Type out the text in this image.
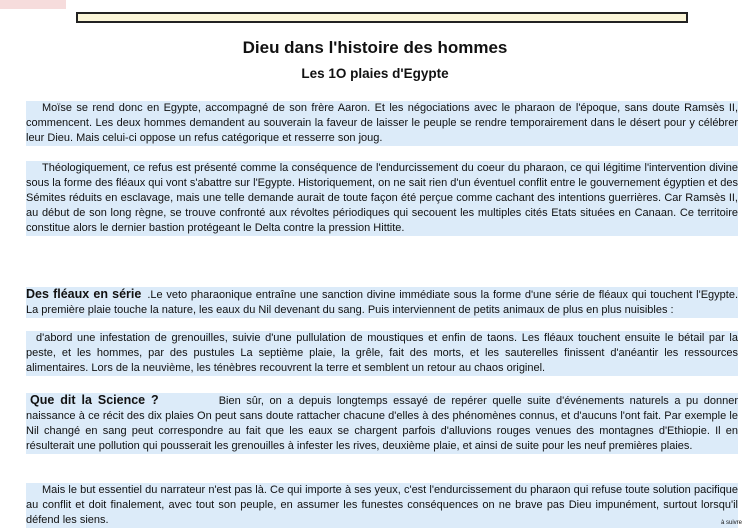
Dieu dans l'histoire des hommes
Les 1O plaies d'Egypte

Moïse se rend donc en Egypte, accompagné de son frère Aaron. Et les négociations avec le pharaon de l'époque, sans doute Ramsès II, commencent. Les deux hommes demandent au souverain la faveur de laisser le peuple se rendre temporairement dans le désert pour y célébrer leur Dieu. Mais celui-ci oppose un refus catégorique et resserre son joug.

Théologiquement, ce refus est présenté comme la conséquence de l'endurcissement du coeur du pharaon, ce qui légitime l'intervention divine sous la forme des fléaux qui vont s'abattre sur l'Egypte. Historiquement, on ne sait rien d'un éventuel conflit entre le gouvernement égyptien et des Sémites réduits en esclavage, mais une telle demande aurait de toute façon été perçue comme cachant des intentions guerrières. Car Ramsès II, au début de son long règne, se trouve confronté aux révoltes périodiques qui secouent les multiples cités Etats situées en Canaan. Ce territoire constitue alors le dernier bastion protégeant le Delta contre la pression Hittite.

Des fléaux en série .Le veto pharaonique entraîne une sanction divine immédiate sous la forme d'une série de fléaux qui touchent l'Egypte. La première plaie touche la nature, les eaux du Nil devenant du sang. Puis interviennent de petits animaux de plus en plus nuisibles :

d'abord une infestation de grenouilles, suivie d'une pullulation de moustiques et enfin de taons. Les fléaux touchent ensuite le bétail par la peste, et les hommes, par des pustules La septième plaie, la grêle, fait des morts, et les sauterelles finissent d'anéantir les ressources alimentaires. Lors de la neuvième, les ténèbres recouvrent la terre et semblent un retour au chaos originel.

Que dit la Science ?	Bien sûr, on a depuis longtemps essayé de repérer quelle suite d'événements naturels a pu donner naissance à ce récit des dix plaies On peut sans doute rattacher chacune d'elles à des phénomènes connus, et d'aucuns l'ont fait. Par exemple le Nil changé en sang peut correspondre au fait que les eaux se chargent parfois d'alluvions rouges venues des montagnes d'Ethiopie. Il en résulterait une pollution qui pousserait les grenouilles à infester les rives, deuxième plaie, et ainsi de suite pour les neuf premières plaies.

Mais le but essentiel du narrateur n'est pas là. Ce qui importe à ses yeux, c'est l'endurcissement du pharaon qui refuse toute solution pacifique au conflit et doit finalement, avec tout son peuple, en assumer les funestes conséquences on ne brave pas Dieu impunément, surtout lorsqu'il défend les siens.	à suivre
